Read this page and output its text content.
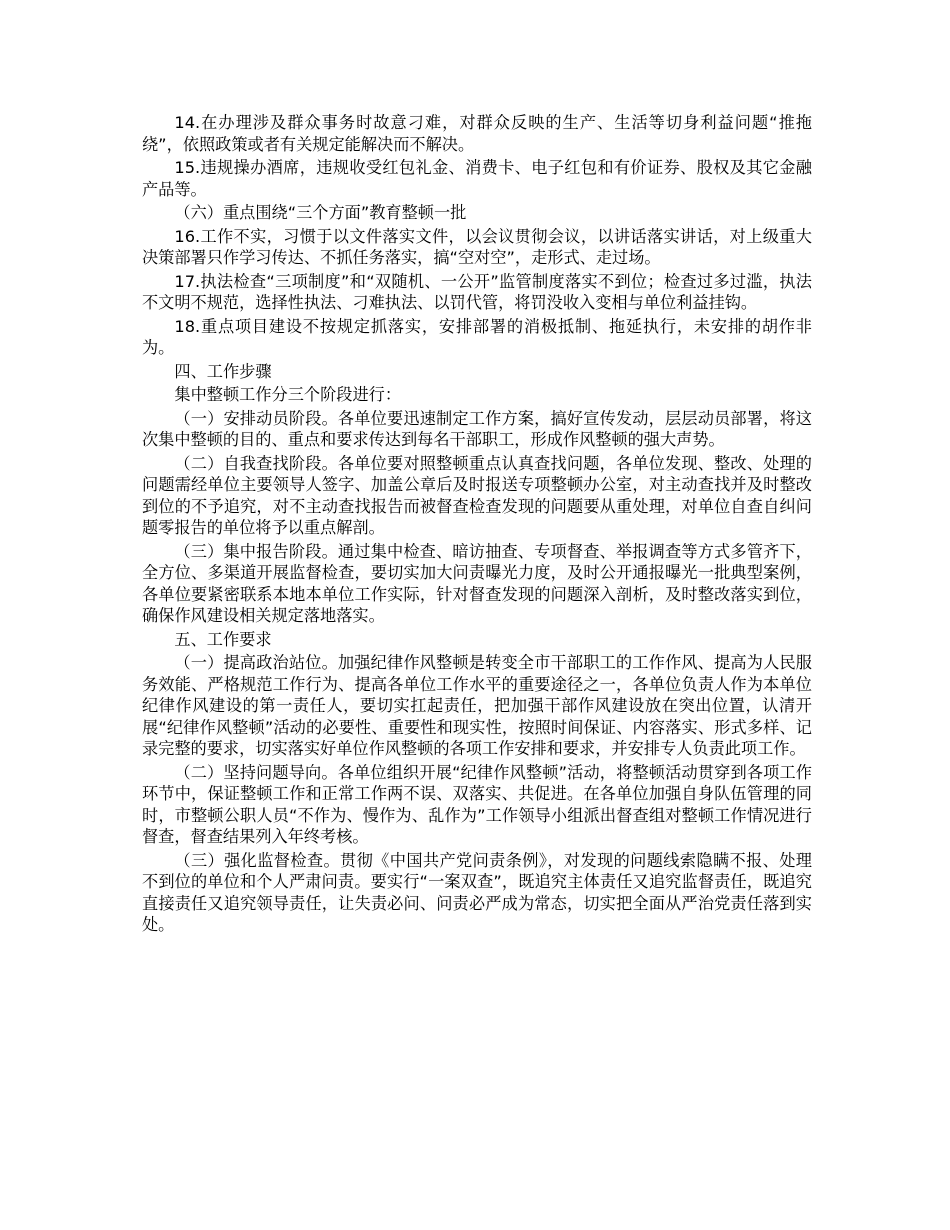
14.在办理涉及群众事务时故意刁难，对群众反映的生产、生活等切身利益问题“推拖绕”，依照政策或者有关规定能解决而不解决。

15.违规操办酒席，违规收受红包礼金、消费卡、电子红包和有价证券、股权及其它金融产品等。

（六）重点围绕“三个方面”教育整顿一批

16.工作不实，习惯于以文件落实文件，以会议贯彻会议，以讲话落实讲话，对上级重大决策部署只作学习传达、不抓任务落实，搞“空对空”，走形式、走过场。

17.执法检查“三项制度”和“双随机、一公开”监管制度落实不到位；检查过多过滥，执法不文明不规范，选择性执法、刁难执法、以罚代管，将罚没收入变相与单位利益挂钩。

18.重点项目建设不按规定抓落实，安排部署的消极抵制、拖延执行，未安排的胡作非为。

四、工作步骤

集中整顿工作分三个阶段进行：

（一）安排动员阶段。各单位要迅速制定工作方案，搞好宣传发动，层层动员部署，将这次集中整顿的目的、重点和要求传达到每名干部职工，形成作风整顿的强大声势。

（二）自我查找阶段。各单位要对照整顿重点认真查找问题，各单位发现、整改、处理的问题需经单位主要领导人签字、加盖公章后及时报送专项整顿办公室，对主动查找并及时整改到位的不予追究，对不主动查找报告而被督查检查发现的问题要从重处理，对单位自查自纠问题零报告的单位将予以重点解剖。

（三）集中报告阶段。通过集中检查、暗访抽查、专项督查、举报调查等方式多管齐下，全方位、多渠道开展监督检查，要切实加大问责曝光力度，及时公开通报曝光一批典型案例，各单位要紧密联系本地本单位工作实际，针对督查发现的问题深入剖析，及时整改落实到位，确保作风建设相关规定落地落实。

五、工作要求

（一）提高政治站位。加强纪律作风整顿是转变全市干部职工的工作作风、提高为人民服务效能、严格规范工作行为、提高各单位工作水平的重要途径之一，各单位负责人作为本单位纪律作风建设的第一责任人，要切实扛起责任，把加强干部作风建设放在突出位置，认清开展“纪律作风整顿”活动的必要性、重要性和现实性，按照时间保证、内容落实、形式多样、记录完整的要求，切实落实好单位作风整顿的各项工作安排和要求，并安排专人负责此项工作。

（二）坚持问题导向。各单位组织开展“纪律作风整顿”活动，将整顿活动贯穿到各项工作环节中，保证整顿工作和正常工作两不误、双落实、共促进。在各单位加强自身队伍管理的同时，市整顿公职人员“不作为、慢作为、乱作为”工作领导小组派出督查组对整顿工作情况进行督查，督查结果列入年终考核。

（三）强化监督检查。贯彻《中国共产党问责条例》，对发现的问题线索隐瞒不报、处理不到位的单位和个人严肃问责。要实行“一案双查”，既追究主体责任又追究监督责任，既追究直接责任又追究领导责任，让失责必问、问责必严成为常态，切实把全面从严治党责任落到实处。
